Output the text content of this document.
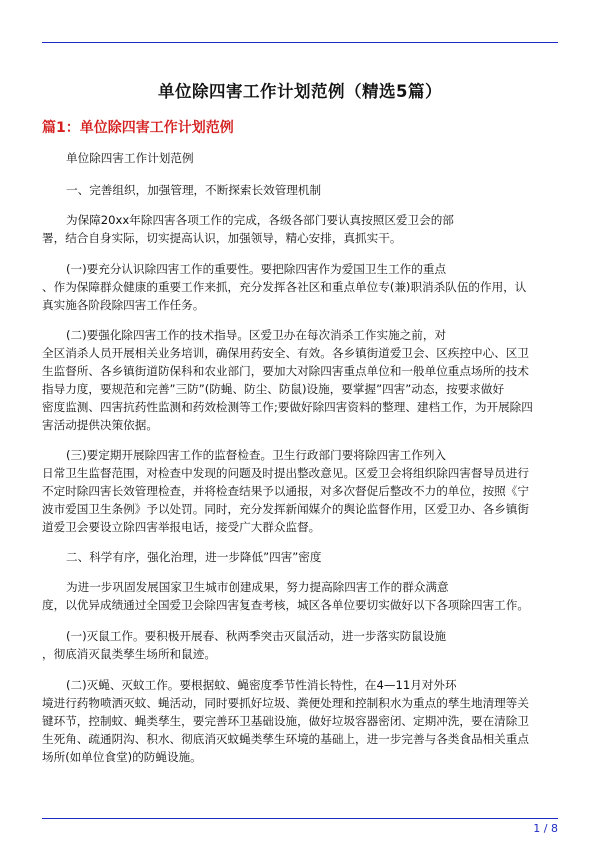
单位除四害工作计划范例（精选5篇）
篇1：单位除四害工作计划范例
单位除四害工作计划范例
一、完善组织，加强管理，不断探索长效管理机制
为保障20xx年除四害各项工作的完成，各级各部门要认真按照区爱卫会的部
署，结合自身实际，切实提高认识，加强领导，精心安排，真抓实干。
(一)要充分认识除四害工作的重要性。要把除四害作为爱国卫生工作的重点
、作为保障群众健康的重要工作来抓，充分发挥各社区和重点单位专(兼)职消杀队伍的作用，认
真实施各阶段除四害工作任务。
(二)要强化除四害工作的技术指导。区爱卫办在每次消杀工作实施之前，对
全区消杀人员开展相关业务培训，确保用药安全、有效。各乡镇街道爱卫会、区疾控中心、区卫
生监督所、各乡镇街道防保科和农业部门，要加大对除四害重点单位和一般单位重点场所的技术
指导力度，要规范和完善”三防”(防蝇、防尘、防鼠)设施，要掌握”四害”动态，按要求做好
密度监测、四害抗药性监测和药效检测等工作;要做好除四害资料的整理、建档工作，为开展除四
害活动提供决策依据。
(三)要定期开展除四害工作的监督检查。卫生行政部门要将除四害工作列入
日常卫生监督范围，对检查中发现的问题及时提出整改意见。区爱卫会将组织除四害督导员进行
不定时除四害长效管理检查，并将检查结果予以通报，对多次督促后整改不力的单位，按照《宁
波市爱国卫生条例》予以处罚。同时，充分发挥新闻媒介的舆论监督作用，区爱卫办、各乡镇街
道爱卫会要设立除四害举报电话，接受广大群众监督。
二、科学有序，强化治理，进一步降低”四害”密度
为进一步巩固发展国家卫生城市创建成果，努力提高除四害工作的群众满意
度，以优异成绩通过全国爱卫会除四害复查考核，城区各单位要切实做好以下各项除四害工作。
(一)灭鼠工作。要积极开展春、秋两季突击灭鼠活动，进一步落实防鼠设施
，彻底消灭鼠类孳生场所和鼠迹。
(二)灭蝇、灭蚊工作。要根据蚊、蝇密度季节性消长特性，在4—11月对外环
境进行药物喷洒灭蚊、蝇活动，同时要抓好垃圾、粪便处理和控制积水为重点的孳生地清理等关
键环节，控制蚊、蝇类孳生，要完善环卫基础设施，做好垃圾容器密闭、定期冲洗，要在清除卫
生死角、疏通阴沟、积水、彻底消灭蚊蝇类孳生环境的基础上，进一步完善与各类食品相关重点
场所(如单位食堂)的防蝇设施。
1 / 8
